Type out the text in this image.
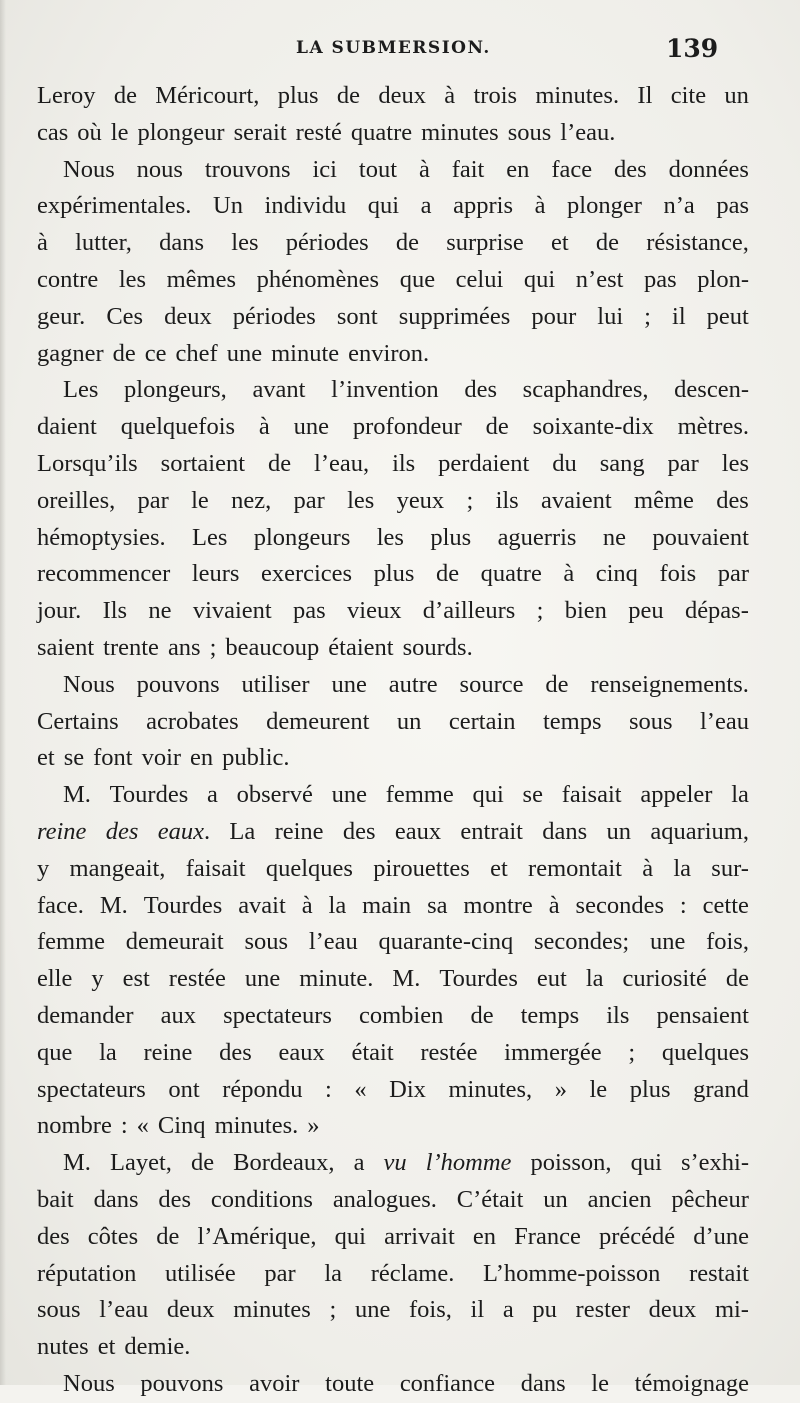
LA SUBMERSION.	139
Leroy de Méricourt, plus de deux à trois minutes. Il cite un
cas où le plongeur serait resté quatre minutes sous l’eau.
Nous nous trouvons ici tout à fait en face des données
expérimentales. Un individu qui a appris à plonger n’a pas
à lutter, dans les périodes de surprise et de résistance,
contre les mêmes phénomènes que celui qui n’est pas plon-
geur. Ces deux périodes sont supprimées pour lui ; il peut
gagner de ce chef une minute environ.
Les plongeurs, avant l’invention des scaphandres, descen-
daient quelquefois à une profondeur de soixante-dix mètres.
Lorsqu’ils sortaient de l’eau, ils perdaient du sang par les
oreilles, par le nez, par les yeux ; ils avaient même des
hémoptysies. Les plongeurs les plus aguerris ne pouvaient
recommencer leurs exercices plus de quatre à cinq fois par
jour. Ils ne vivaient pas vieux d’ailleurs ; bien peu dépas-
saient trente ans ; beaucoup étaient sourds.
Nous pouvons utiliser une autre source de renseignements.
Certains acrobates demeurent un certain temps sous l’eau
et se font voir en public.
M. Tourdes a observé une femme qui se faisait appeler la
reine des eaux. La reine des eaux entrait dans un aquarium,
y mangeait, faisait quelques pirouettes et remontait à la sur-
face. M. Tourdes avait à la main sa montre à secondes : cette
femme demeurait sous l’eau quarante-cinq secondes; une fois,
elle y est restée une minute. M. Tourdes eut la curiosité de
demander aux spectateurs combien de temps ils pensaient
que la reine des eaux était restée immergée ; quelques
spectateurs ont répondu : « Dix minutes, » le plus grand
nombre : « Cinq minutes. »
M. Layet, de Bordeaux, a vu l’homme poisson, qui s’exhi-
bait dans des conditions analogues. C’était un ancien pêcheur
des côtes de l’Amérique, qui arrivait en France précédé d’une
réputation utilisée par la réclame. L’homme-poisson restait
sous l’eau deux minutes ; une fois, il a pu rester deux mi-
nutes et demie.
Nous pouvons avoir toute confiance dans le témoignage
